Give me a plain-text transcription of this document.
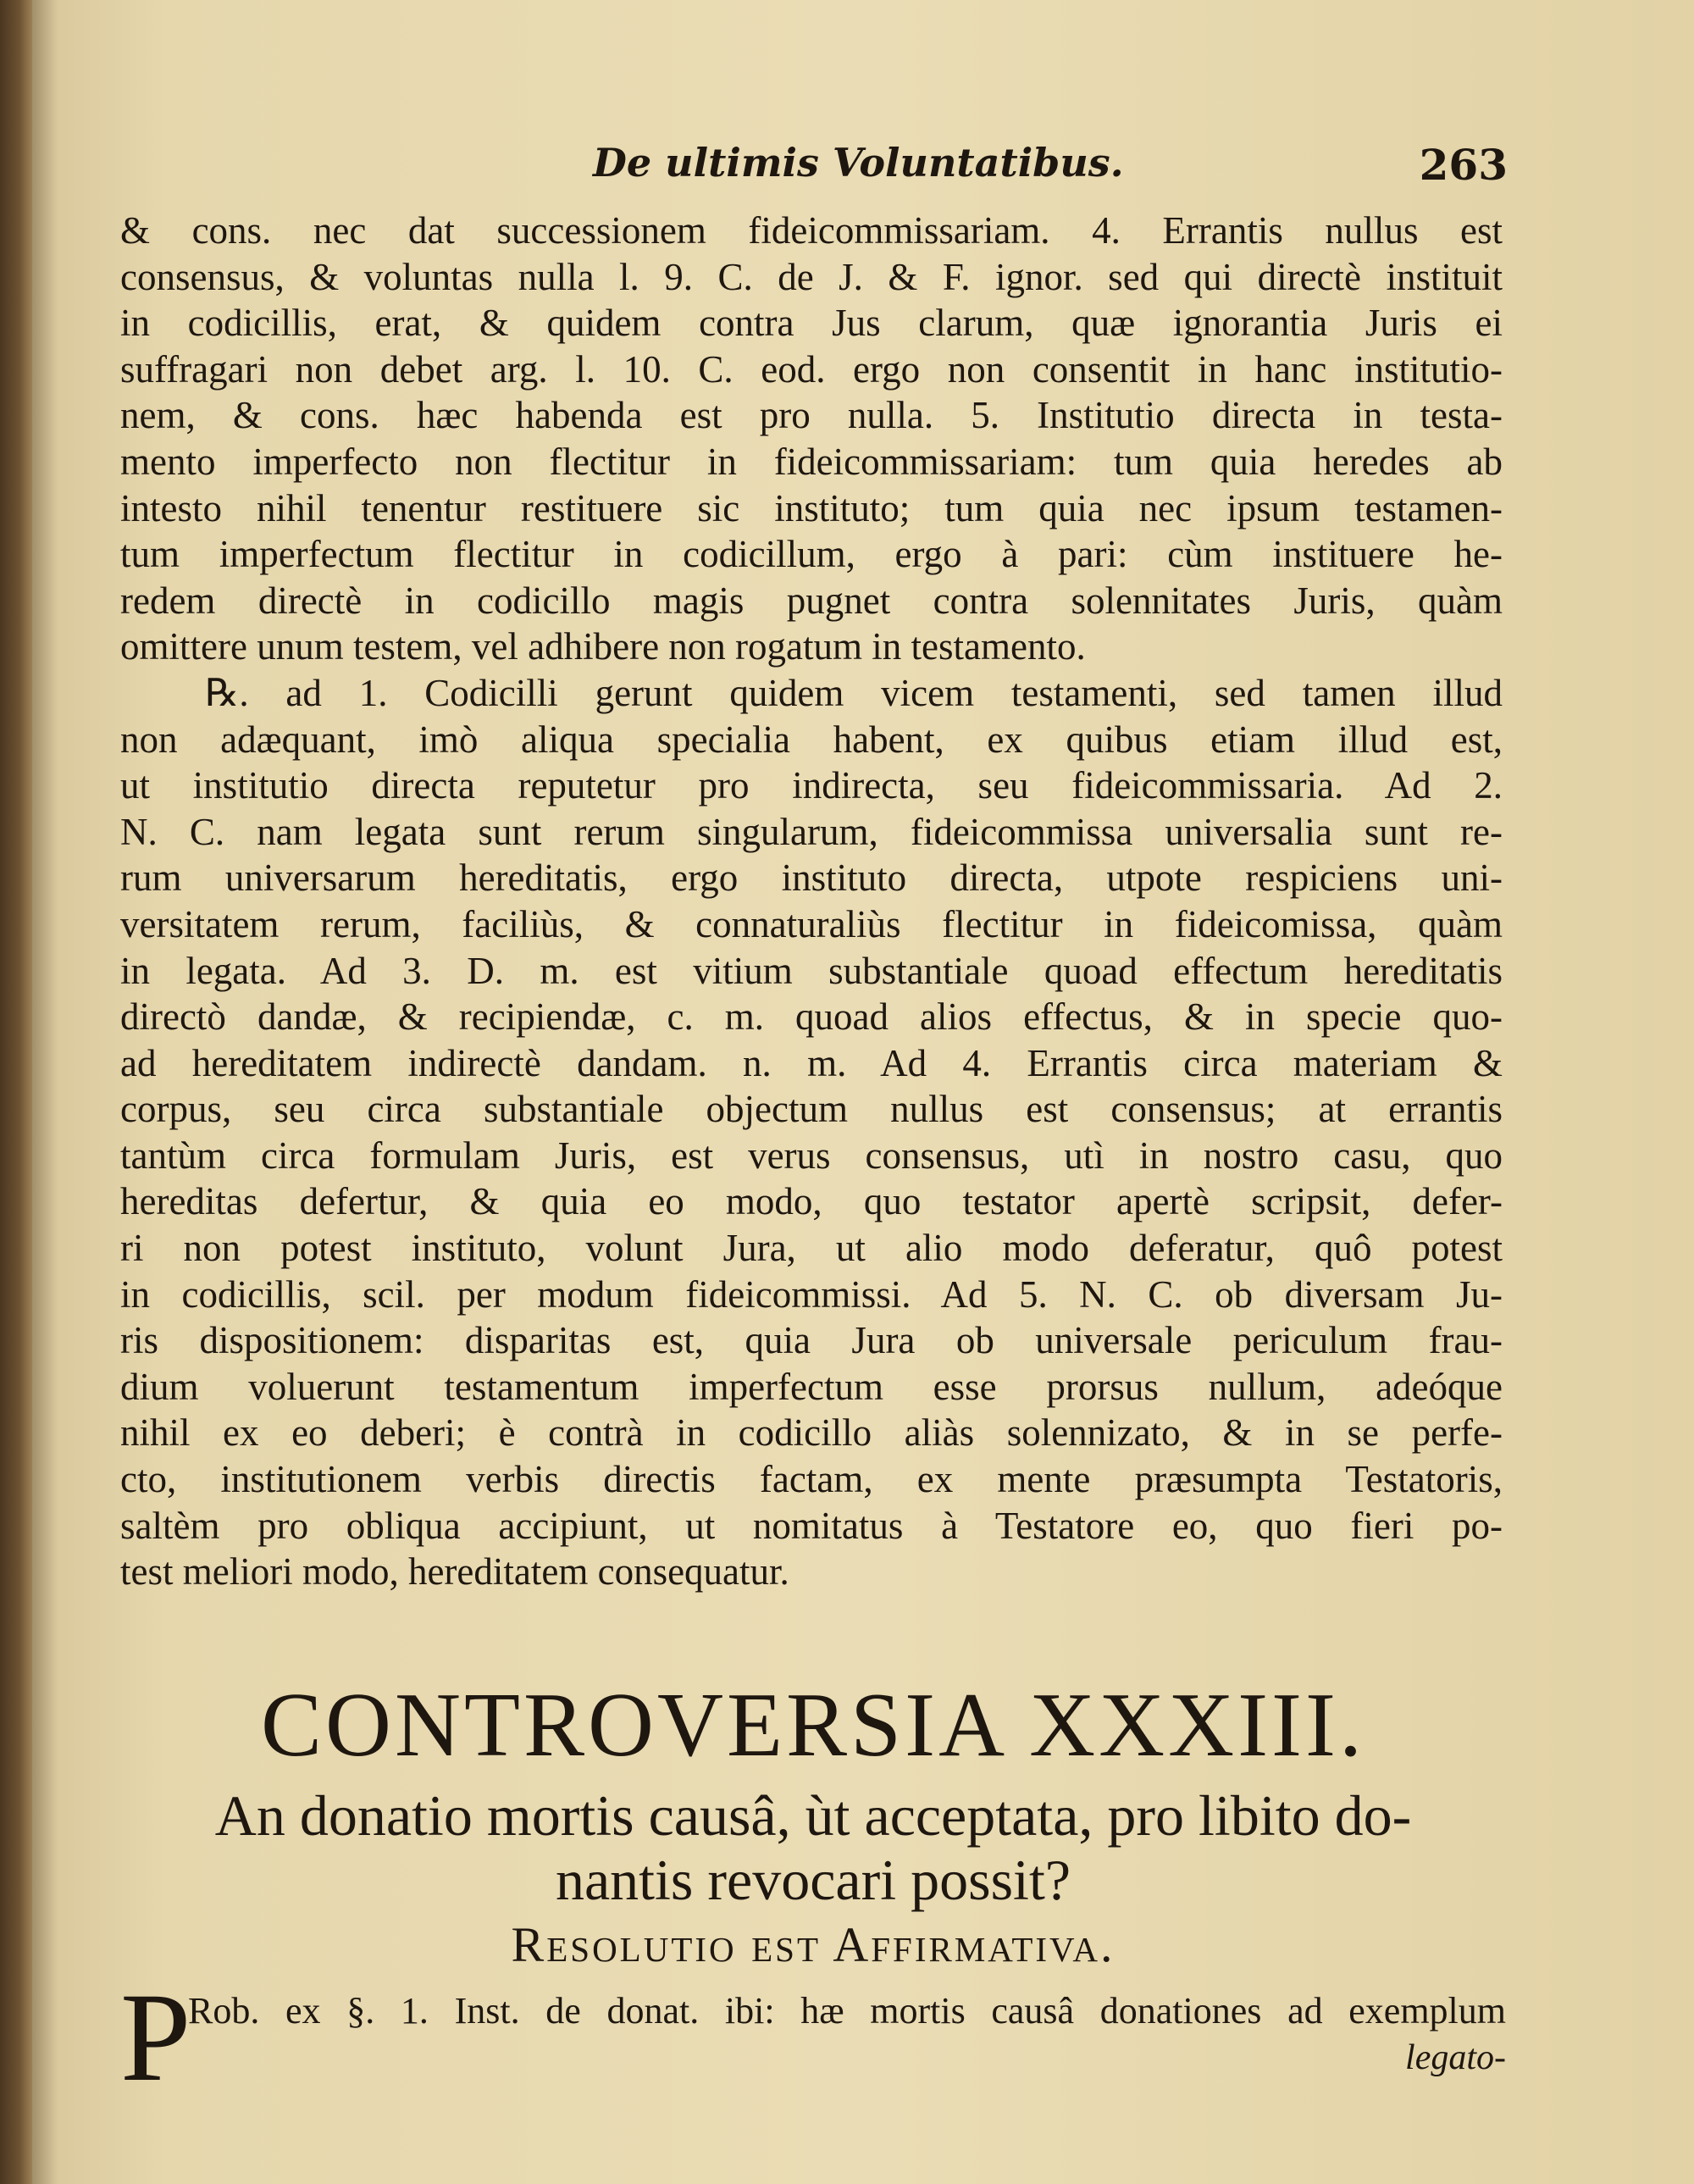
De ultimis Voluntatibus.	263
& cons. nec dat successionem fideicommissariam. 4. Errantis nullus est
consensus, & voluntas nulla l. 9. C. de J. & F. ignor. sed qui directè instituit
in codicillis, erat, & quidem contra Jus clarum, quæ ignorantia Juris ei
suffragari non debet arg. l. 10. C. eod. ergo non consentit in hanc institutio-
nem, & cons. hæc habenda est pro nulla. 5. Institutio directa in testa-
mento imperfecto non flectitur in fideicommissariam: tum quia heredes ab
intesto nihil tenentur restituere sic instituto; tum quia nec ipsum testamen-
tum imperfectum flectitur in codicillum, ergo à pari: cùm instituere he-
redem directè in codicillo magis pugnet contra solennitates Juris, quàm
omittere unum testem, vel adhibere non rogatum in testamento.
℞. ad 1. Codicilli gerunt quidem vicem testamenti, sed tamen illud
non adæquant, imò aliqua specialia habent, ex quibus etiam illud est,
ut institutio directa reputetur pro indirecta, seu fideicommissaria. Ad 2.
N. C. nam legata sunt rerum singularum, fideicommissa universalia sunt re-
rum universarum hereditatis, ergo instituto directa, utpote respiciens uni-
versitatem rerum, faciliùs, & connaturaliùs flectitur in fideicomissa, quàm
in legata. Ad 3. D. m. est vitium substantiale quoad effectum hereditatis
directò dandæ, & recipiendæ, c. m. quoad alios effectus, & in specie quo-
ad hereditatem indirectè dandam. n. m. Ad 4. Errantis circa materiam &
corpus, seu circa substantiale objectum nullus est consensus; at errantis
tantùm circa formulam Juris, est verus consensus, utì in nostro casu, quo
hereditas defertur, & quia eo modo, quo testator apertè scripsit, defer-
ri non potest instituto, volunt Jura, ut alio modo deferatur, quô potest
in codicillis, scil. per modum fideicommissi. Ad 5. N. C. ob diversam Ju-
ris dispositionem: disparitas est, quia Jura ob universale periculum frau-
dium voluerunt testamentum imperfectum esse prorsus nullum, adeóque
nihil ex eo deberi; è contrà in codicillo aliàs solennizato, & in se perfe-
cto, institutionem verbis directis factam, ex mente præsumpta Testatoris,
saltèm pro obliqua accipiunt, ut nomitatus à Testatore eo, quo fieri po-
test meliori modo, hereditatem consequatur.
CONTROVERSIA XXXIII.
An donatio mortis causâ, ùt acceptata, pro libito do-
nantis revocari possit?
Resolutio est Affirmativa.
P
Rob. ex §. 1. Inst. de donat. ibi: hæ mortis causâ donationes ad exemplum
legato-
